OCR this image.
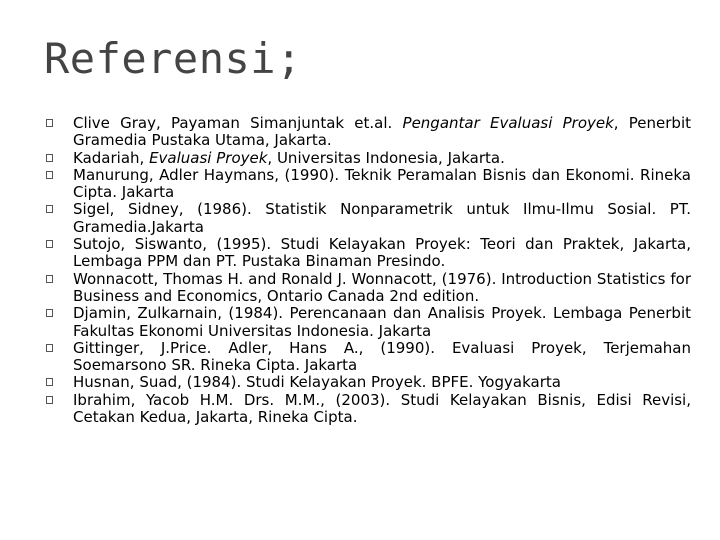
Referensi;
Clive Gray, Payaman Simanjuntak et.al. Pengantar Evaluasi Proyek, Penerbit Gramedia Pustaka Utama, Jakarta.
Kadariah, Evaluasi Proyek, Universitas Indonesia, Jakarta.
Manurung, Adler Haymans, (1990). Teknik Peramalan Bisnis dan Ekonomi. Rineka Cipta. Jakarta
Sigel, Sidney, (1986). Statistik Nonparametrik untuk Ilmu-Ilmu Sosial. PT. Gramedia.Jakarta
Sutojo, Siswanto, (1995). Studi Kelayakan Proyek: Teori dan Praktek, Jakarta, Lembaga PPM dan PT. Pustaka Binaman Presindo.
Wonnacott, Thomas H. and Ronald J. Wonnacott, (1976). Introduction Statistics for Business and Economics, Ontario Canada 2nd edition.
Djamin, Zulkarnain, (1984). Perencanaan dan Analisis Proyek. Lembaga Penerbit Fakultas Ekonomi Universitas Indonesia. Jakarta
Gittinger, J.Price. Adler, Hans A., (1990). Evaluasi Proyek, Terjemahan Soemarsono SR. Rineka Cipta. Jakarta
Husnan, Suad, (1984). Studi Kelayakan Proyek. BPFE. Yogyakarta
Ibrahim, Yacob H.M. Drs. M.M., (2003). Studi Kelayakan Bisnis, Edisi Revisi, Cetakan Kedua, Jakarta, Rineka Cipta.
